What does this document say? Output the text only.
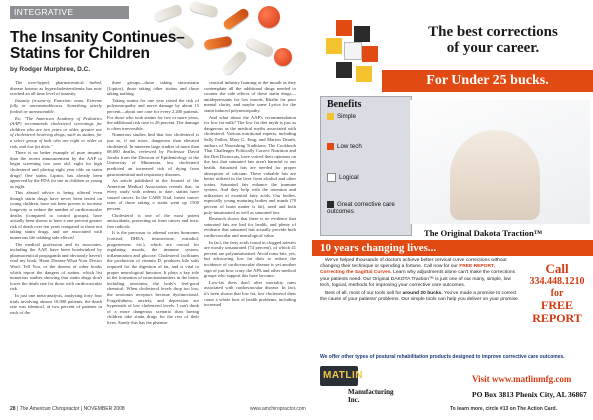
INTEGRATIVE HEALTHCARE
The Insanity Continues–
Statins for Children
by Rodger Murphree, D.C.

The over-hyped, pharmaceutical fueled, disease known as hypercholesterolemia has now reached an all time level of insanity.

Insanity (n-sane-ty. Function: noun. Extreme folly or unreasonableness. Something utterly foolish or unreasonable.

Ex: "The American Academy of Pediatrics (AAP) recommends cholesterol screenings for children who are two years or older, greater use of cholesterol-lowering drugs, such as statins, for a select group of kids who are eight or older at risk, and low fat diets."

There is no better example of pure insanity than the recent announcement by the AAP to begin screening two year old, eight for high cholesterol and placing eight year olds on statin drugs! One statin, Lipitor, has already been approved by the FDA for use in children as young as eight.

This absurd advice is being offered even though statin drugs have never been tested on young children, have not been proven to increase longevity or reduce the number of cardiovascular deaths (compared to control groups), have actually been shown to have a one percent greater risk of death over ten years compared to those not taking statin drugs, and are associated with numerous life robbing side effects!

The medical profession and its associates, including the AAP, have been hoodwinked by pharmaceutical propaganda and obviously haven't read my book, Heart Disease-What Your Doctor Won't Tell You, or the dozens of other books which report the dangers of statins, which list numerous studies showing that statin drugs don't lower the death rate for those with cardiovascular risk.

In just one meta-analysis, analyzing forty four trials involving almost 10,000 patients, the death rate was identical, at two percent of patients in each of the

three groups—those taking simvastatin (Lipitor), those taking other statins and those taking nothing.

Taking statins for one year raised the risk of polyneuropathy and nerve damage by about 15 percent—about one case for every 2,200 patients. For those who took statins for two or more years, the additional risk rose to 26 percent. The damage is often irreversible.

Numerous studies find that low cholesterol is just as, if not more, dangerous than elevated cholesterol. In nineteen large studies of more than 68,000 deaths, reviewed by Professor David Jacobs from the Division of Epidemiology at the University of Minnesota, low cholesterol predicted an increased risk of dying from gastrointestinal and respiratory diseases.

An article published in the Journal of the American Medical Association reveals that, in every study with rodents to date, statins have caused cancer. In the CARE Trial, breast cancer rates of those taking a statin went up 1500 percent.

Cholesterol is one of the most potent antioxidants, protecting us from cancer and toxic free radicals.

It is the precursor to adrenal cortex hormones (cortisol, DHEA, testosterone, estradiol, progesterone, etc.), which are crucial for regulating moods, the immune system, inflammation and glucose. Cholesterol facilitates the production of vitamin D, produces bile salts required for the digestion of fat, and is vital to proper neurological function. It plays a key role in the formation of neurotransmitters in the brain, including serotonin, the body's feel-good chemical. When cholesterol levels drop too low, the serotonin receptors become dysfunctional. Forgetfulness, anxiety, and depression are hypertoids of low cholesterol levels. I can't think of a more dangerous scenario than having children take statin drugs for the rest of their lives. Surely this has the pharma-

ceutical industry foaming at the mouth as they contemplate all the additional drugs needed to counter the side effects of these statin drugs—antidepressants for low moods, Ritalin for poor mental clarity, and maybe some Lyrica for the statin induced polyneuropathy.

And what about the AAP's recommendation for low fat milk? The low fat diet myth is just as dangerous as the medical myths associated with cholesterol. Various nutritional experts, including Sally Fallon, Mary G. Enig, and Marion Dearth, authors of Nourishing Traditions: The Cookbook That Challenges Politically Correct Nutrition and the Diet Dictocrats, have voiced their opinions on the fact that saturated fats aren't harmful to our health. Saturated fats are needed for proper absorption of calcium. These valuable fats are better utilized in the liver from alcohol and other toxins. Saturated fats enhance the immune system. And they help with the retention and utilization of essential fatty acids. Our bodies, especially young maturing bodies and minds (70 percent of brain matter is fat), need and both poly-unsaturated as well as saturated fats.

Research shows that there is no evidence that saturated fats are bad for health, and plenty of evidence that saturated fats actually provide both cardiovascular and neurological value.

In fact, the fatty acids found in clogged arteries are mostly unsaturated (74 percent), of which 41 percent are polyunsaturated. Avoid trans-fats, yes, but advocating low fat diets to reduce the incidence of cardiovascular disease is yet another sign of just how crazy the APA and other medical groups who support this have become.

Low-fat diets don't alter mortality rates associated with cardiovascular disease. In fact, it's been shown that low fat, low cholesterol diets cause a whole host of health problems, including increased

28 | The American Chiropractor | NOVEMBER 2008	www.amchiropractor.com
The best corrections
of your career.
For Under 25 bucks.
Benefits
Simple
Low tech
Logical
Great corrective care outcomes
The Original Dakota Traction™
10 years changing lives...

We've helped thousands of doctors achieve better cervical curve corrections without changing their technique or spending a fortune. Call now for our FREE REPORT, Correcting the Sagittal Curves. Learn why adjustments alone can't make the corrections your patients need. Our Original DAKOTA Traction™ is just one of our many, simple, low tech, logical, methods for improving your corrective care outcomes.

Best of all, most of our tools sell for around 20 bucks. You've made a promise to correct the cause of your patients' problems. Our simple tools can help you deliver on your promise.

Call
334.448.1210
for
FREE
REPORT
We offer other types of postural rehabilitation products designed to improve corrective care outcomes.
MATLIN
Manufacturing Inc.
Visit www.matlinmfg.com
PO Box 3813 Phenix City, AL 36867
To learn more, circle #13 on The Action Card.
